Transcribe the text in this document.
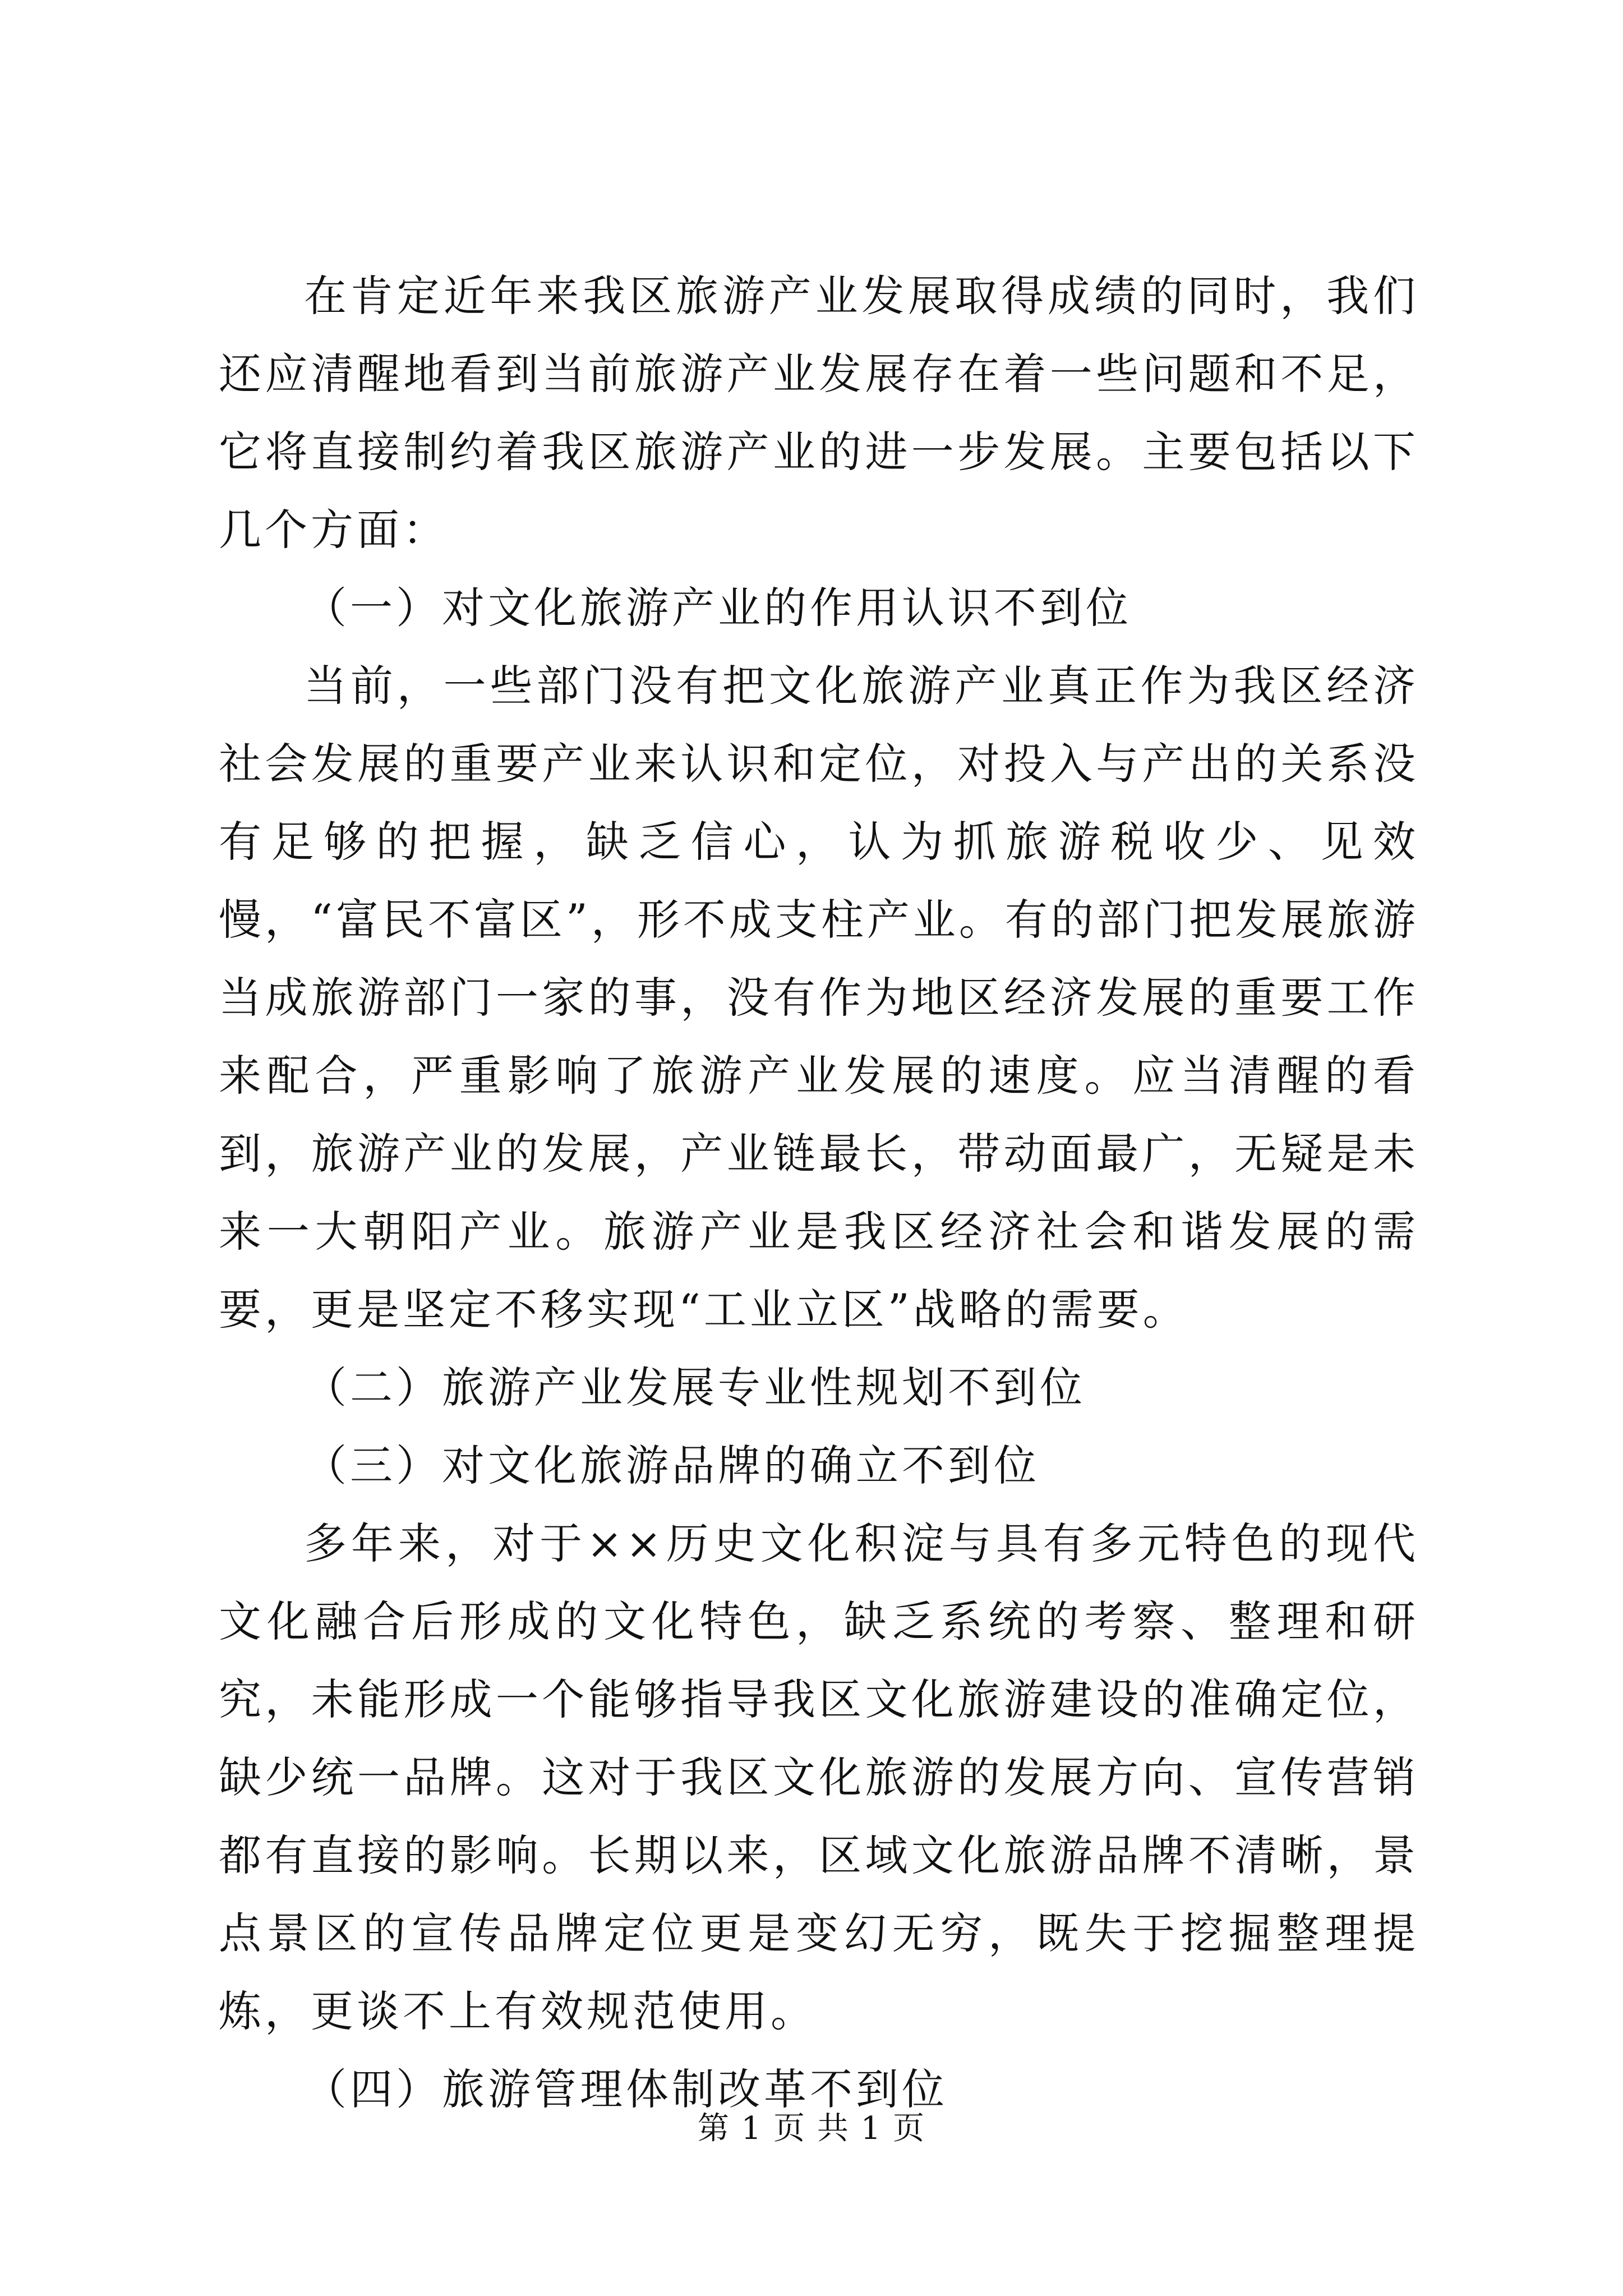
在肯定近年来我区旅游产业发展取得成绩的同时，我们还应清醒地看到当前旅游产业发展存在着一些问题和不足，它将直接制约着我区旅游产业的进一步发展。主要包括以下几个方面：

（一）对文化旅游产业的作用认识不到位

当前，一些部门没有把文化旅游产业真正作为我区经济社会发展的重要产业来认识和定位，对投入与产出的关系没有足够的把握，缺乏信心，认为抓旅游税收少、见效慢，“富民不富区”，形不成支柱产业。有的部门把发展旅游当成旅游部门一家的事，没有作为地区经济发展的重要工作来配合，严重影响了旅游产业发展的速度。应当清醒的看到，旅游产业的发展，产业链最长，带动面最广，无疑是未来一大朝阳产业。旅游产业是我区经济社会和谐发展的需要，更是坚定不移实现“工业立区”战略的需要。

（二）旅游产业发展专业性规划不到位

（三）对文化旅游品牌的确立不到位

多年来，对于××历史文化积淀与具有多元特色的现代文化融合后形成的文化特色，缺乏系统的考察、整理和研究，未能形成一个能够指导我区文化旅游建设的准确定位，缺少统一品牌。这对于我区文化旅游的发展方向、宣传营销都有直接的影响。长期以来，区域文化旅游品牌不清晰，景点景区的宣传品牌定位更是变幻无穷，既失于挖掘整理提炼，更谈不上有效规范使用。

（四）旅游管理体制改革不到位

第 1 页 共 1 页
